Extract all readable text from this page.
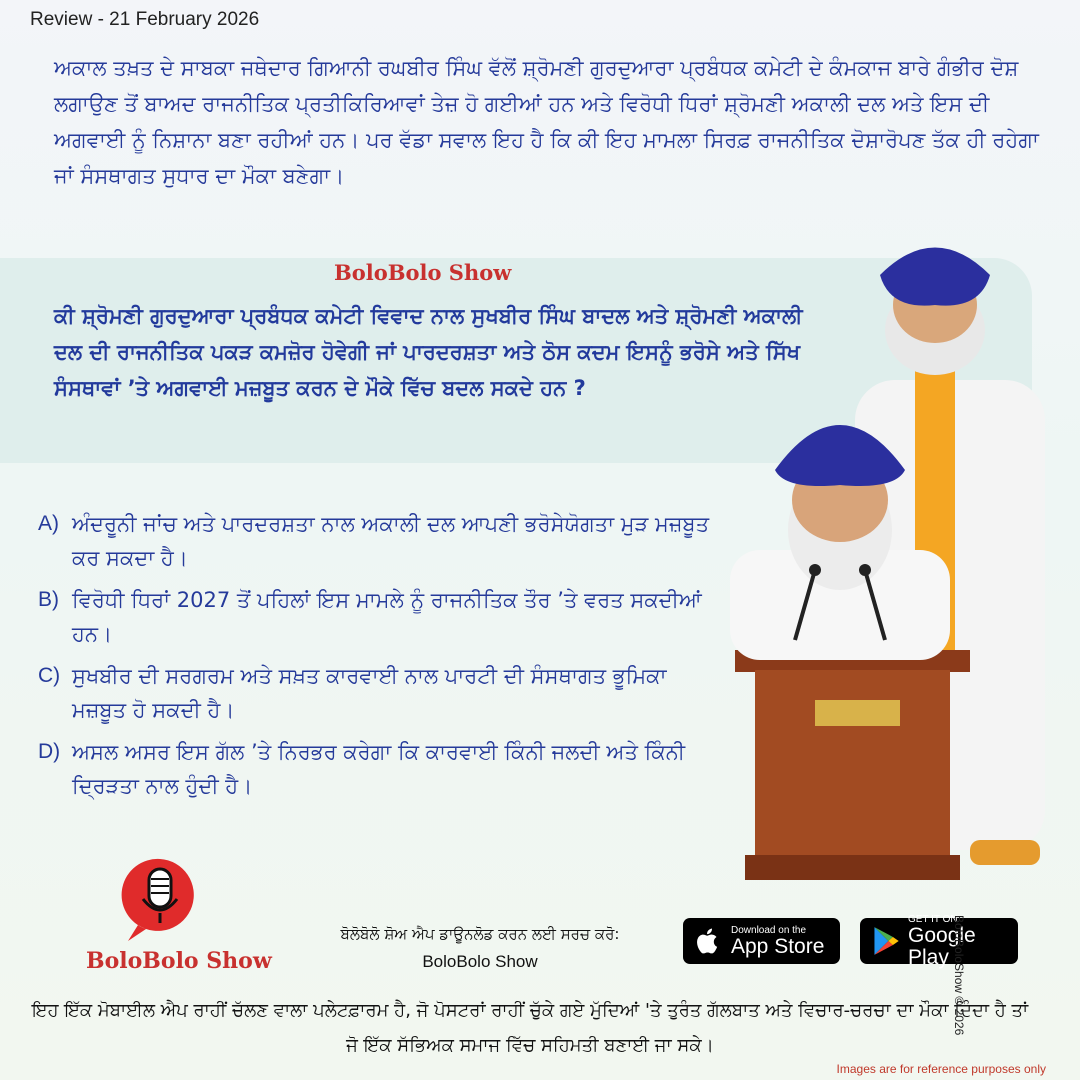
Review - 21 February 2026
ਅਕਾਲ ਤਖ਼ਤ ਦੇ ਸਾਬਕਾ ਜਥੇਦਾਰ ਗਿਆਨੀ ਰਘਬੀਰ ਸਿੰਘ ਵੱਲੋਂ ਸ਼੍ਰੋਮਣੀ ਗੁਰਦੁਆਰਾ ਪ੍ਰਬੰਧਕ ਕਮੇਟੀ ਦੇ ਕੰਮਕਾਜ ਬਾਰੇ ਗੰਭੀਰ ਦੋਸ਼ ਲਗਾਉਣ ਤੋਂ ਬਾਅਦ ਰਾਜਨੀਤਿਕ ਪ੍ਰਤੀਕਿਰਿਆਵਾਂ ਤੇਜ਼ ਹੋ ਗਈਆਂ ਹਨ ਅਤੇ ਵਿਰੋਧੀ ਧਿਰਾਂ ਸ਼੍ਰੋਮਣੀ ਅਕਾਲੀ ਦਲ ਅਤੇ ਇਸ ਦੀ ਅਗਵਾਈ ਨੂੰ ਨਿਸ਼ਾਨਾ ਬਣਾ ਰਹੀਆਂ ਹਨ। ਪਰ ਵੱਡਾ ਸਵਾਲ ਇਹ ਹੈ ਕਿ ਕੀ ਇਹ ਮਾਮਲਾ ਸਿਰਫ਼ ਰਾਜਨੀਤਿਕ ਦੋਸ਼ਾਰੋਪਣ ਤੱਕ ਹੀ ਰਹੇਗਾ ਜਾਂ ਸੰਸਥਾਗਤ ਸੁਧਾਰ ਦਾ ਮੌਕਾ ਬਣੇਗਾ।
BoloBolo Show
ਕੀ ਸ਼੍ਰੋਮਣੀ ਗੁਰਦੁਆਰਾ ਪ੍ਰਬੰਧਕ ਕਮੇਟੀ ਵਿਵਾਦ ਨਾਲ ਸੁਖਬੀਰ ਸਿੰਘ ਬਾਦਲ ਅਤੇ ਸ਼੍ਰੋਮਣੀ ਅਕਾਲੀ ਦਲ ਦੀ ਰਾਜਨੀਤਿਕ ਪਕੜ ਕਮਜ਼ੋਰ ਹੋਵੇਗੀ ਜਾਂ ਪਾਰਦਰਸ਼ਤਾ ਅਤੇ ਠੋਸ ਕਦਮ ਇਸਨੂੰ ਭਰੋਸੇ ਅਤੇ ਸਿੱਖ ਸੰਸਥਾਵਾਂ ’ਤੇ ਅਗਵਾਈ ਮਜ਼ਬੂਤ ਕਰਨ ਦੇ ਮੌਕੇ ਵਿੱਚ ਬਦਲ ਸਕਦੇ ਹਨ ?
A) ਅੰਦਰੂਨੀ ਜਾਂਚ ਅਤੇ ਪਾਰਦਰਸ਼ਤਾ ਨਾਲ ਅਕਾਲੀ ਦਲ ਆਪਣੀ ਭਰੋਸੇਯੋਗਤਾ ਮੁੜ ਮਜ਼ਬੂਤ ਕਰ ਸਕਦਾ ਹੈ।
B) ਵਿਰੋਧੀ ਧਿਰਾਂ 2027 ਤੋਂ ਪਹਿਲਾਂ ਇਸ ਮਾਮਲੇ ਨੂੰ ਰਾਜਨੀਤਿਕ ਤੌਰ ’ਤੇ ਵਰਤ ਸਕਦੀਆਂ ਹਨ।
C) ਸੁਖਬੀਰ ਦੀ ਸਰਗਰਮ ਅਤੇ ਸਖ਼ਤ ਕਾਰਵਾਈ ਨਾਲ ਪਾਰਟੀ ਦੀ ਸੰਸਥਾਗਤ ਭੂਮਿਕਾ ਮਜ਼ਬੂਤ ਹੋ ਸਕਦੀ ਹੈ।
D) ਅਸਲ ਅਸਰ ਇਸ ਗੱਲ ’ਤੇ ਨਿਰਭਰ ਕਰੇਗਾ ਕਿ ਕਾਰਵਾਈ ਕਿੰਨੀ ਜਲਦੀ ਅਤੇ ਕਿੰਨੀ ਦ੍ਰਿੜਤਾ ਨਾਲ ਹੁੰਦੀ ਹੈ।
BoloBolo Show
ਬੋਲੋਬੋਲੋ ਸ਼ੋਅ ਐਪ ਡਾਊਨਲੋਡ ਕਰਨ ਲਈ ਸਰਚ ਕਰੋ:
BoloBolo Show
Download on the
App Store
GET IT ON
Google Play
ਇਹ ਇੱਕ ਮੋਬਾਈਲ ਐਪ ਰਾਹੀਂ ਚੱਲਣ ਵਾਲਾ ਪਲੇਟਫ਼ਾਰਮ ਹੈ, ਜੋ ਪੋਸਟਰਾਂ ਰਾਹੀਂ ਚੁੱਕੇ ਗਏ ਮੁੱਦਿਆਂ 'ਤੇ ਤੁਰੰਤ ਗੱਲਬਾਤ ਅਤੇ ਵਿਚਾਰ-ਚਰਚਾ ਦਾ ਮੌਕਾ ਦਿੰਦਾ ਹੈ ਤਾਂ ਜੋ ਇੱਕ ਸੱਭਿਅਕ ਸਮਾਜ ਵਿੱਚ ਸਹਿਮਤੀ ਬਣਾਈ ਜਾ ਸਕੇ।
Images are for reference purposes only
BoloBoloShow © 2026
